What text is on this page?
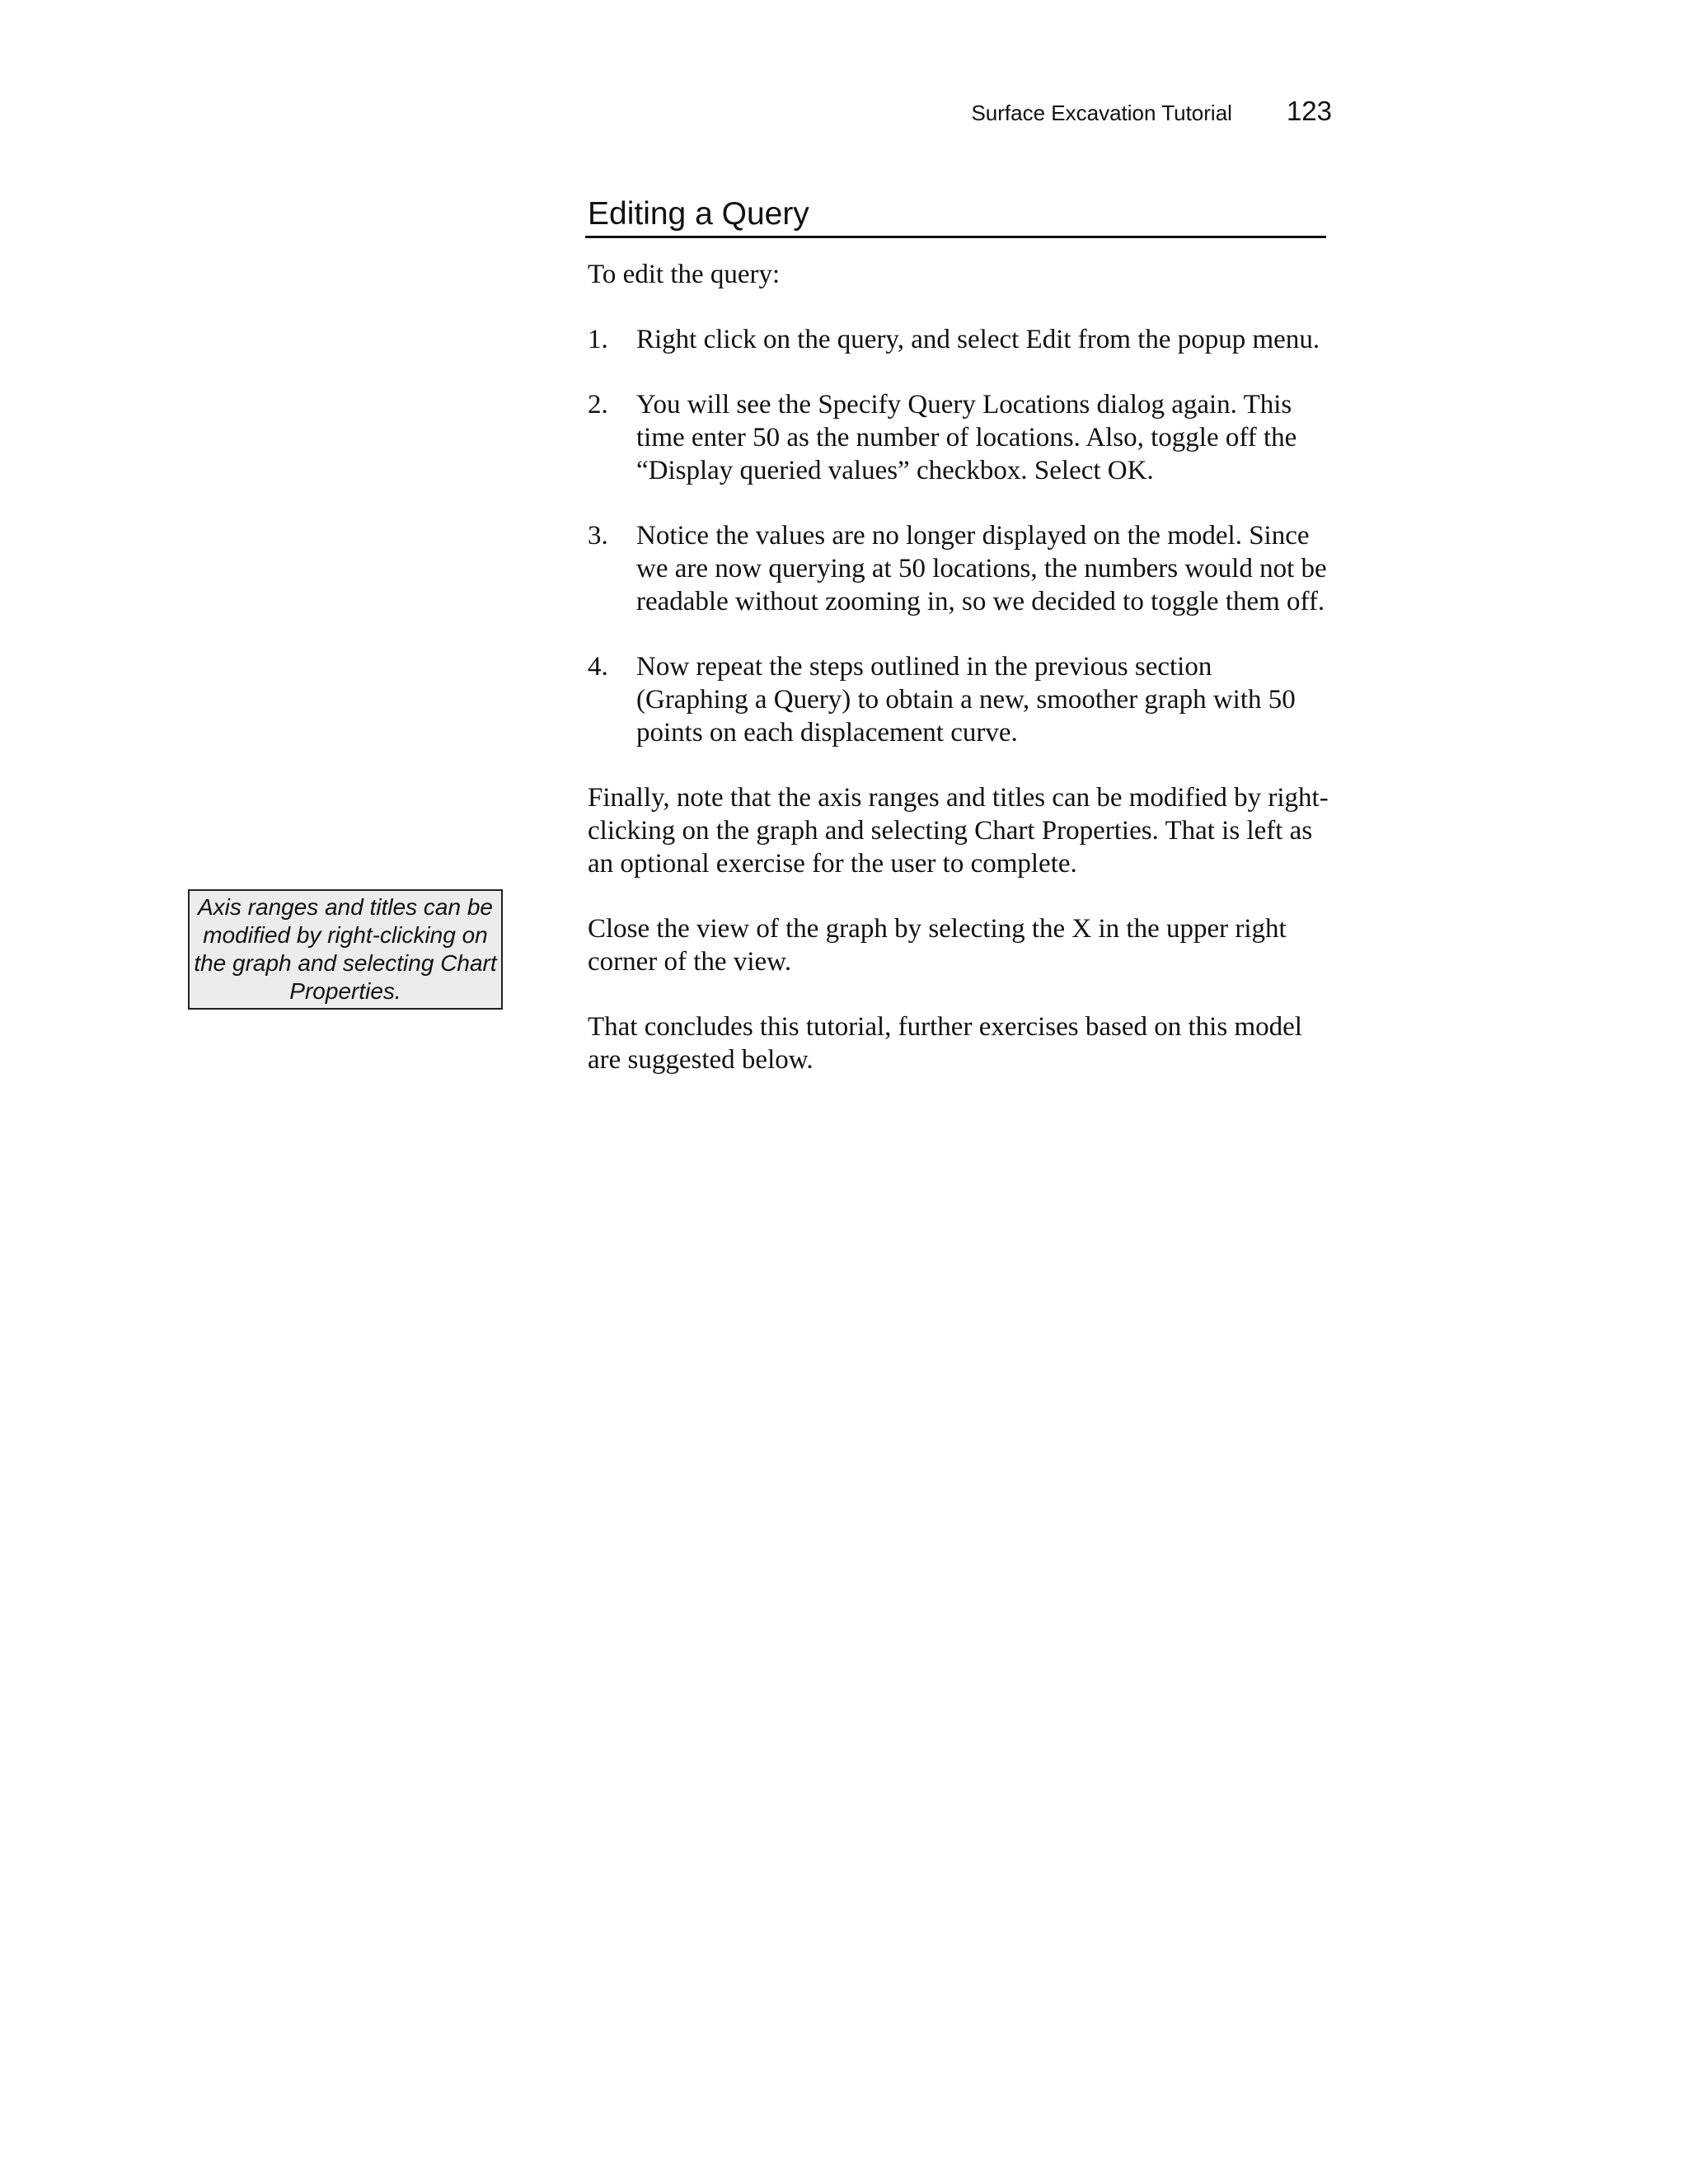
Surface Excavation Tutorial 123
Editing a Query
Axis ranges and titles can be modified by right-clicking on the graph and selecting Chart Properties.

To edit the query:

1.	Right click on the query, and select Edit from the popup menu.
2.	You will see the Specify Query Locations dialog again. This time enter 50 as the number of locations. Also, toggle off the “Display queried values” checkbox. Select OK.
3.	Notice the values are no longer displayed on the model. Since we are now querying at 50 locations, the numbers would not be readable without zooming in, so we decided to toggle them off.
4.	Now repeat the steps outlined in the previous section (Graphing a Query) to obtain a new, smoother graph with 50 points on each displacement curve.

Finally, note that the axis ranges and titles can be modified by right-clicking on the graph and selecting Chart Properties. That is left as an optional exercise for the user to complete.

Close the view of the graph by selecting the X in the upper right corner of the view.

That concludes this tutorial, further exercises based on this model are suggested below.
